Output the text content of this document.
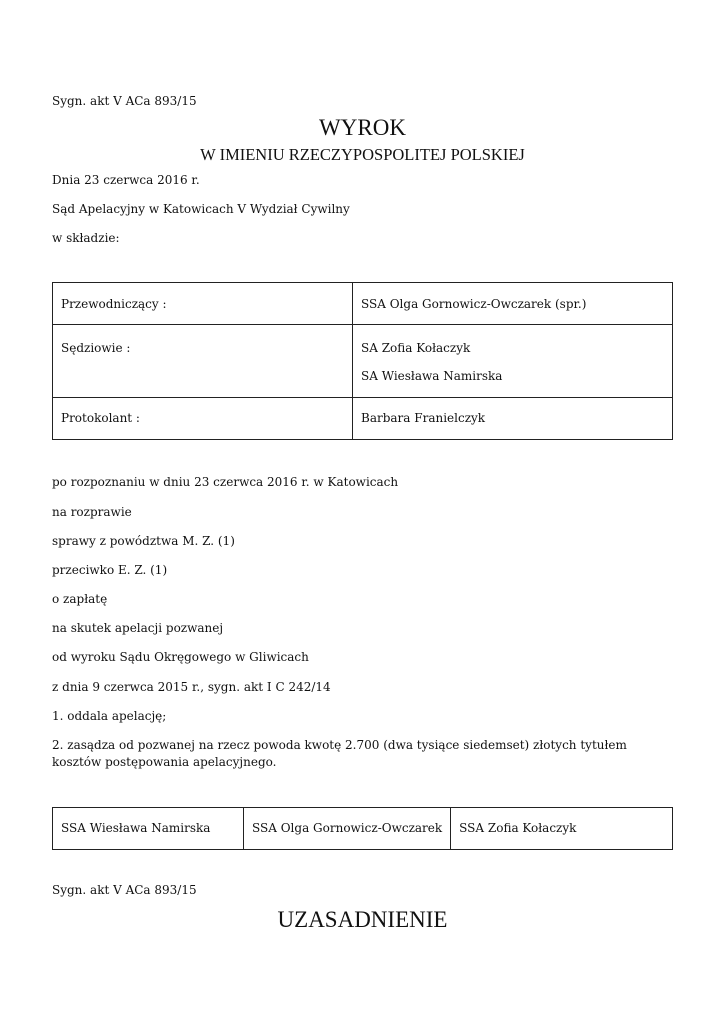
Sygn. akt V ACa 893/15
WYROK
W IMIENIU RZECZYPOSPOLITEJ POLSKIEJ
Dnia 23 czerwca 2016 r.
Sąd Apelacyjny w Katowicach V Wydział Cywilny
w składzie:
Przewodniczący :	SSA Olga Gornowicz-Owczarek (spr.)
Sędziowie :	SA Zofia Kołaczyk
SA Wiesława Namirska

Protokolant :	Barbara Franielczyk
po rozpoznaniu w dniu 23 czerwca 2016 r. w Katowicach
na rozprawie
sprawy z powództwa M. Z. (1)
przeciwko E. Z. (1)
o zapłatę
na skutek apelacji pozwanej
od wyroku Sądu Okręgowego w Gliwicach
z dnia 9 czerwca 2015 r., sygn. akt I C 242/14
1. oddala apelację;
2. zasądza od pozwanej na rzecz powoda kwotę 2.700 (dwa tysiące siedemset) złotych tytułem kosztów postępowania apelacyjnego.
SSA Wiesława Namirska	SSA Olga Gornowicz-Owczarek	SSA Zofia Kołaczyk
Sygn. akt V ACa 893/15
UZASADNIENIE
